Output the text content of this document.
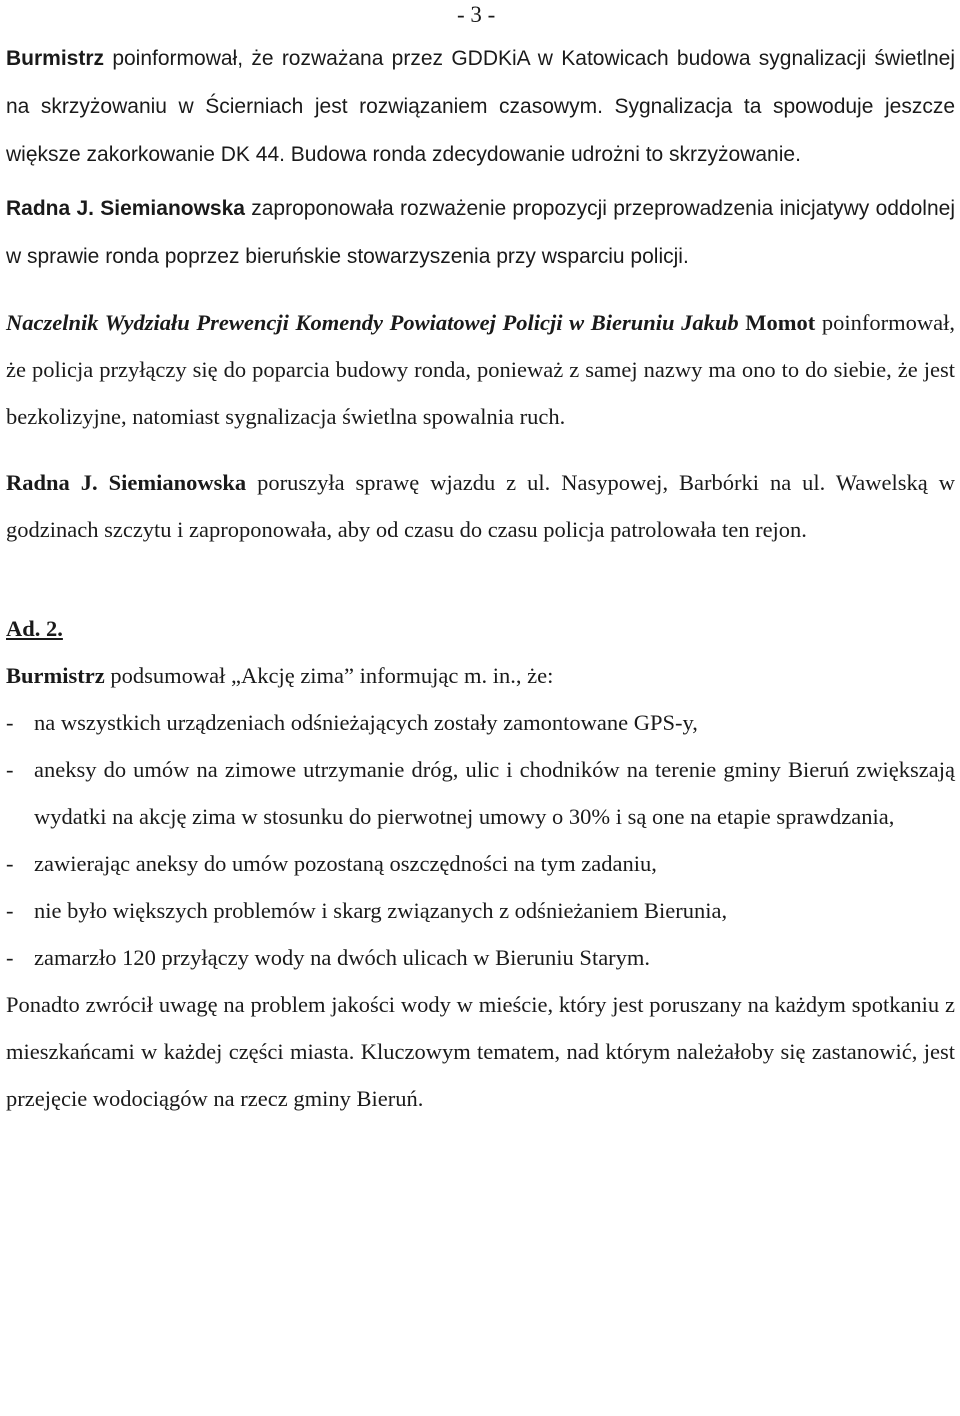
- 3 -

Burmistrz poinformował, że rozważana przez GDDKiA w Katowicach budowa sygnalizacji świetlnej na skrzyżowaniu w Ścierniach jest rozwiązaniem czasowym. Sygnalizacja ta spowoduje jeszcze większe zakorkowanie DK 44. Budowa ronda zdecydowanie udrożni to skrzyżowanie.

Radna J. Siemianowska zaproponowała rozważenie propozycji przeprowadzenia inicjatywy oddolnej w sprawie ronda poprzez bieruńskie stowarzyszenia przy wsparciu policji.

Naczelnik Wydziału Prewencji Komendy Powiatowej Policji w Bieruniu Jakub Momot poinformował, że policja przyłączy się do poparcia budowy ronda, ponieważ z samej nazwy ma ono to do siebie, że jest bezkolizyjne, natomiast sygnalizacja świetlna spowalnia ruch.

Radna J. Siemianowska poruszyła sprawę wjazdu z ul. Nasypowej, Barbórki na ul. Wawelską w godzinach szczytu i zaproponowała, aby od czasu do czasu policja patrolowała ten rejon.

Ad. 2.

Burmistrz podsumował „Akcję zima” informując m. in., że:

- na wszystkich urządzeniach odśnieżających zostały zamontowane GPS-y,
- aneksy do umów na zimowe utrzymanie dróg, ulic i chodników na terenie gminy Bieruń zwiększają wydatki na akcję zima w stosunku do pierwotnej umowy o 30% i są one na etapie sprawdzania,
- zawierając aneksy do umów pozostaną oszczędności na tym zadaniu,
- nie było większych problemów i skarg związanych z odśnieżaniem Bierunia,
- zamarzło 120 przyłączy wody na dwóch ulicach w Bieruniu Starym.

Ponadto zwrócił uwagę na problem jakości wody w mieście, który jest poruszany na każdym spotkaniu z mieszkańcami w każdej części miasta. Kluczowym tematem, nad którym należałoby się zastanowić, jest przejęcie wodociągów na rzecz gminy Bieruń.
